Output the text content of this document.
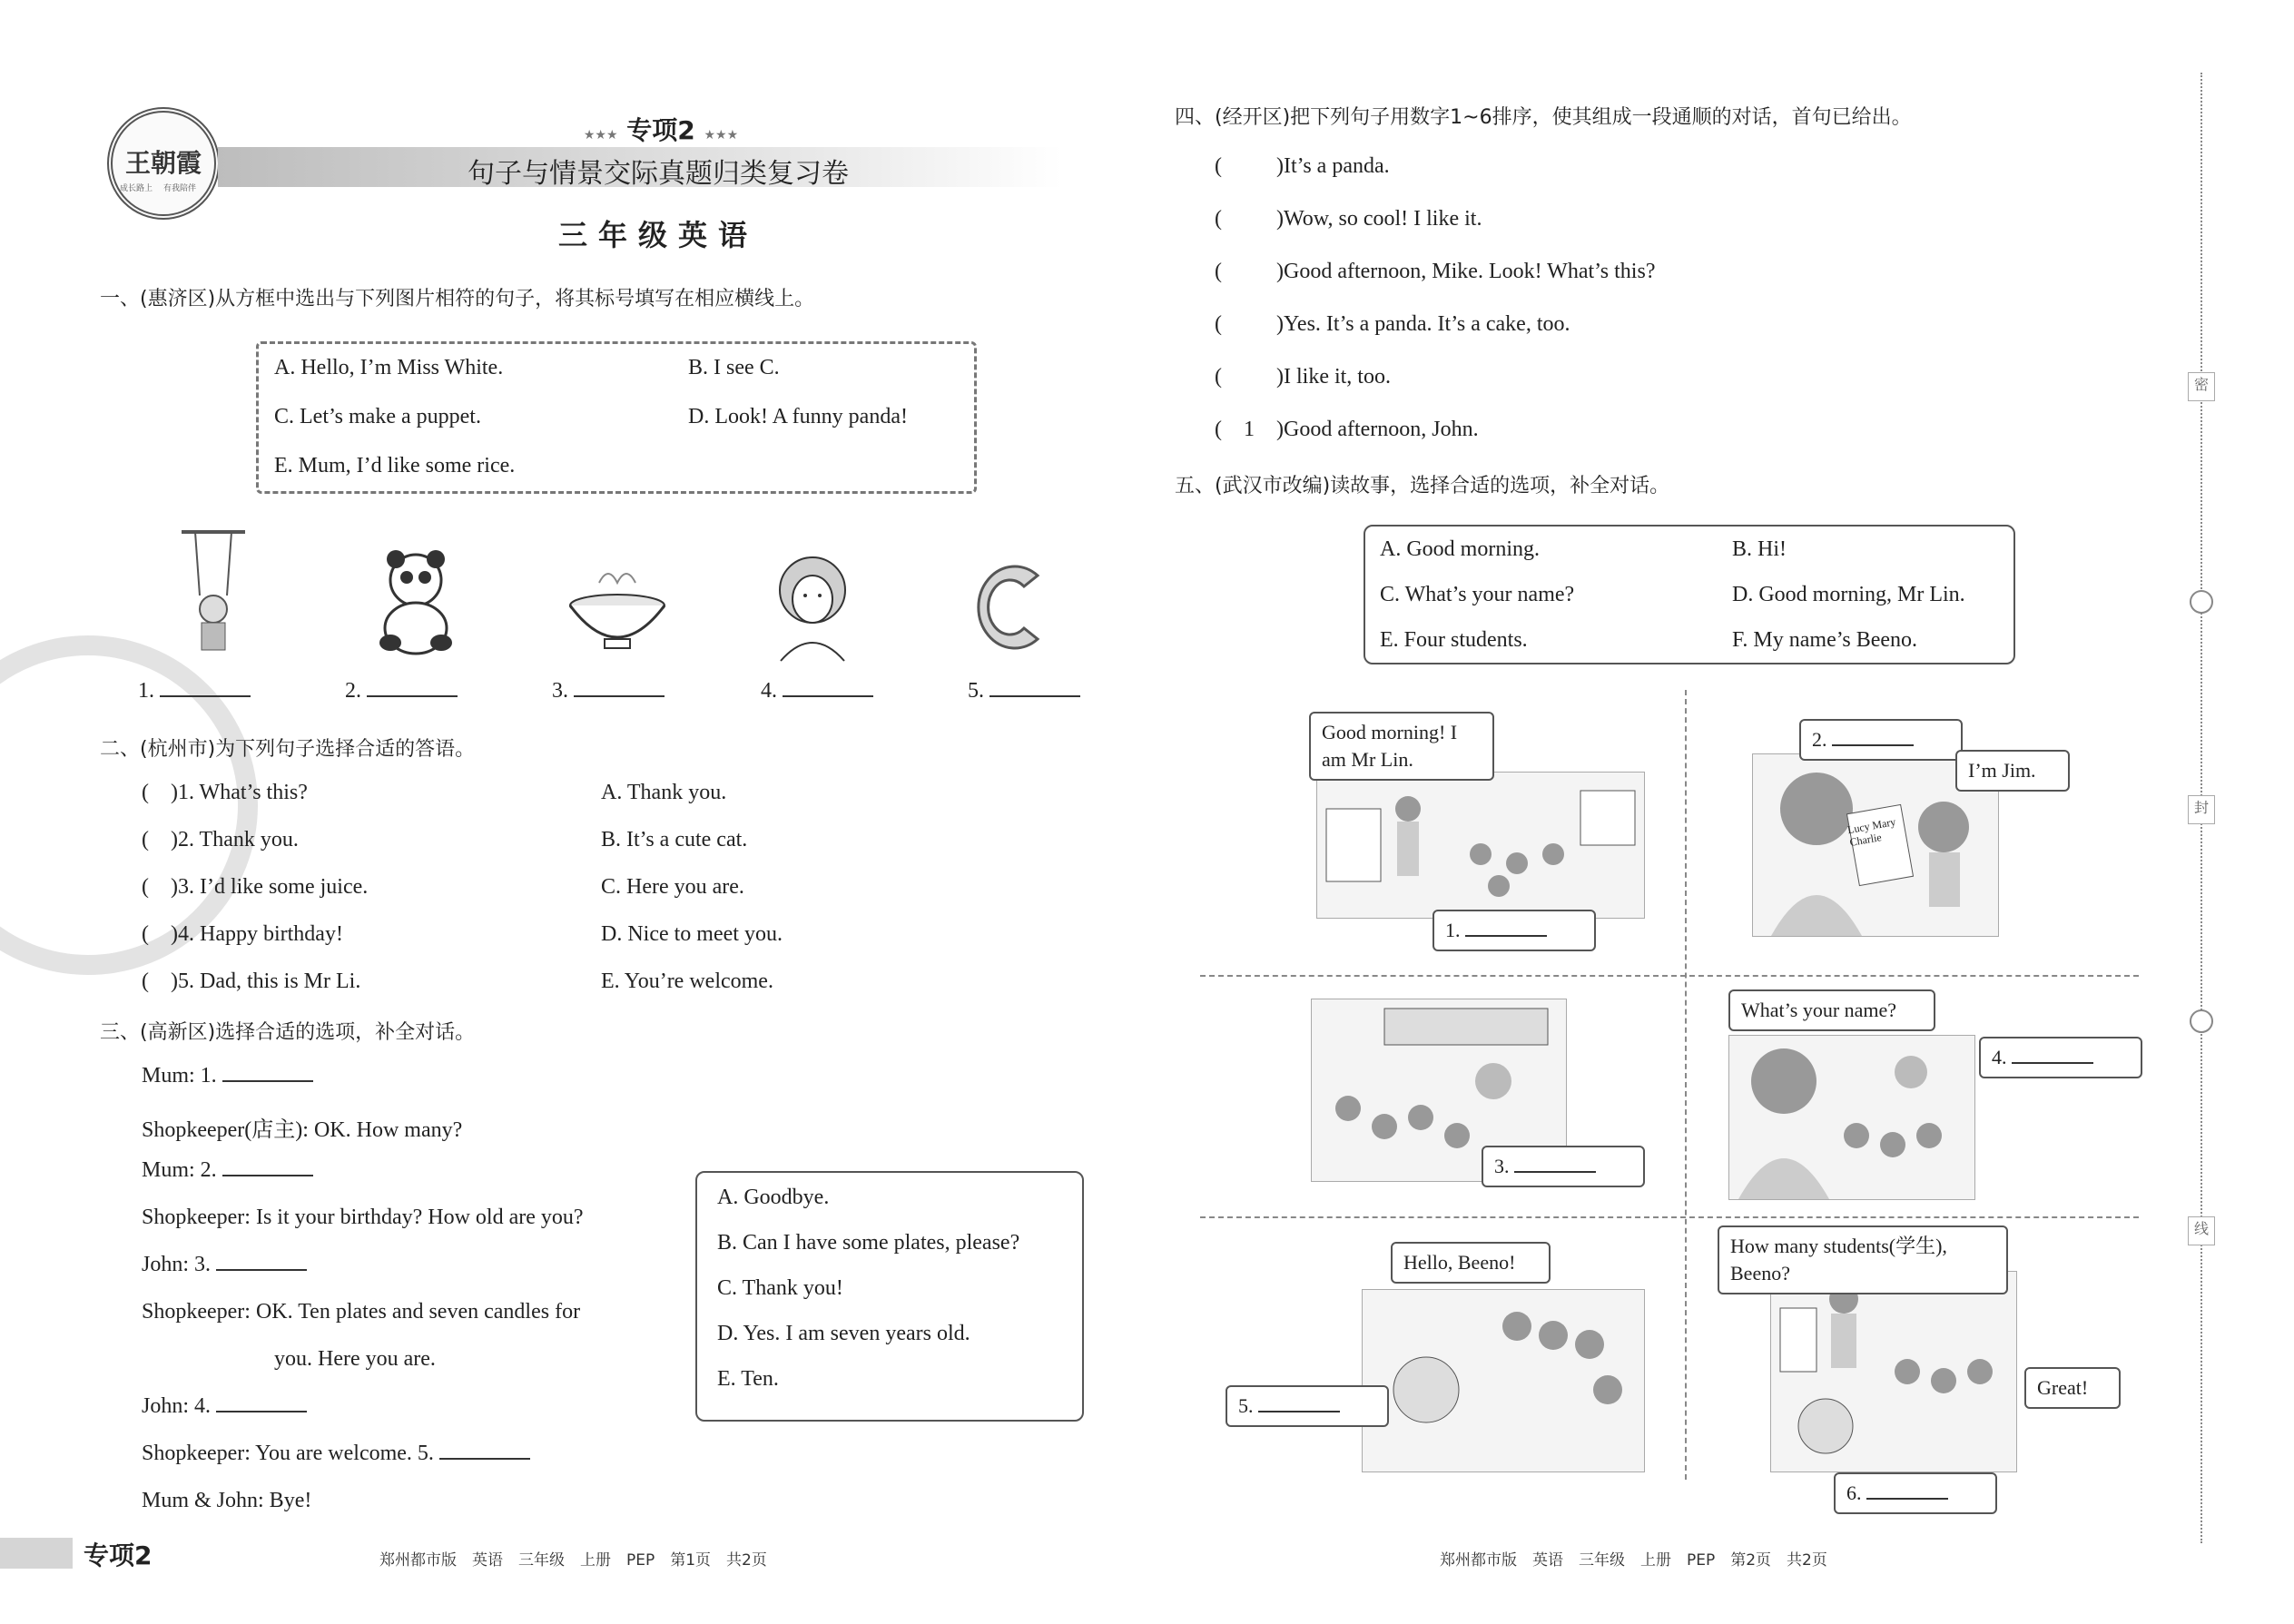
王朝霞
成长路上	有我陪伴
★★★ 专项2 ★★★
句子与情景交际真题归类复习卷
三年级英语
一、(惠济区)从方框中选出与下列图片相符的句子，将其标号填写在相应横线上。
A. Hello, I’m Miss White.	B. I see C.
C. Let’s make a puppet.	D. Look! A funny panda!
E. Mum, I’d like some rice.
1.	2.	3.	4.	5.
二、(杭州市)为下列句子选择合适的答语。
(    )1. What’s this?
(    )2. Thank you.
(    )3. I’d like some juice.
(    )4. Happy birthday!
(    )5. Dad, this is Mr Li.
A. Thank you.
B. It’s a cute cat.
C. Here you are.
D. Nice to meet you.
E. You’re welcome.
三、(高新区)选择合适的选项，补全对话。
Mum: 1.
Shopkeeper(店主): OK. How many?
Mum: 2.
Shopkeeper: Is it your birthday? How old are you?
John: 3.
Shopkeeper: OK. Ten plates and seven candles for
you. Here you are.
John: 4.
Shopkeeper: You are welcome. 5.
Mum & John: Bye!
A. Goodbye.
B. Can I have some plates, please?
C. Thank you!
D. Yes. I am seven years old.
E. Ten.
专项2	郑州都市版　英语　三年级　上册　PEP　第1页　共2页
四、(经开区)把下列句子用数字1~6排序，使其组成一段通顺的对话，首句已给出。
(	)It’s a panda.
(	)Wow, so cool! I like it.
(	)Good afternoon, Mike. Look! What’s this?
(	)Yes. It’s a panda. It’s a cake, too.
(	)I like it, too.
( 1 )Good afternoon, John.
五、(武汉市改编)读故事，选择合适的选项，补全对话。
A. Good morning.	B. Hi!
C. What’s your name?	D. Good morning, Mr Lin.
E. Four students.	F. My name’s Beeno.
Good morning! I am Mr Lin.
1.
Lucy Mary Charlie
2.
I’m Jim.
3.
What’s your name?
4.
Hello, Beeno!
5.
How many students(学生), Beeno?
Great!
6.
郑州都市版　英语　三年级　上册　PEP　第2页　共2页
密
封
线
